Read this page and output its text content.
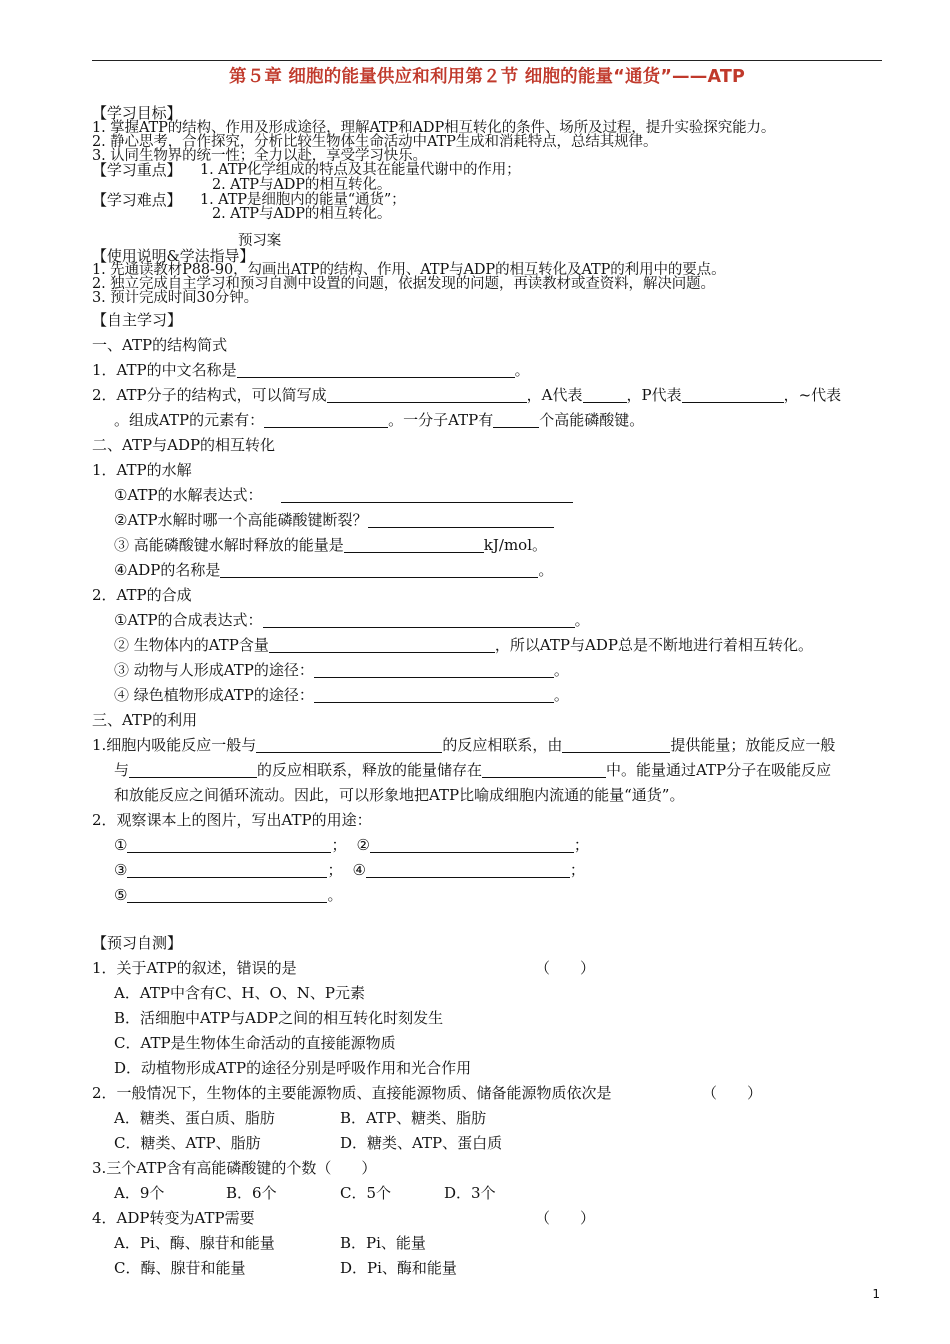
第５章 细胞的能量供应和利用第２节 细胞的能量“通货”——ATP
【学习目标】
1. 掌握ATP的结构、作用及形成途径，理解ATP和ADP相互转化的条件、场所及过程，提升实验探究能力。
2. 静心思考，合作探究，分析比较生物体生命活动中ATP生成和消耗特点，总结其规律。
3. 认同生物界的统一性；全力以赴，享受学习快乐。
【学习重点】 1. ATP化学组成的特点及其在能量代谢中的作用；
2. ATP与ADP的相互转化。
【学习难点】 1. ATP是细胞内的能量“通货”；
2. ATP与ADP的相互转化。
预习案
【使用说明&学法指导】
1. 先通读教材P88-90，勾画出ATP的结构、作用、ATP与ADP的相互转化及ATP的利用中的要点。
2. 独立完成自主学习和预习自测中设置的问题，依据发现的问题，再读教材或查资料，解决问题。
3. 预计完成时间30分钟。
【自主学习】
一、ATP的结构简式
1．ATP的中文名称是	。
2．ATP分子的结构式，可以简写成	，A代表	，P代表	，~代表
。组成ATP的元素有：	。一分子ATP有	个高能磷酸键。
二、ATP与ADP的相互转化
1．ATP的水解
①ATP的水解表达式：
②ATP水解时哪一个高能磷酸键断裂？
③ 高能磷酸键水解时释放的能量是	kJ/mol。
④ADP的名称是	。
2．ATP的合成
①ATP的合成表达式：	。
② 生物体内的ATP含量	，所以ATP与ADP总是不断地进行着相互转化。
③ 动物与人形成ATP的途径：	。
④ 绿色植物形成ATP的途径：	。
三、ATP的利用
1.细胞内吸能反应一般与	的反应相联系，由	提供能量；放能反应一般
与	的反应相联系，释放的能量储存在	中。能量通过ATP分子在吸能反应
和放能反应之间循环流动。因此，可以形象地把ATP比喻成细胞内流通的能量“通货”。
2．观察课本上的图片，写出ATP的用途：
①	； ②	；
③	； ④	；
⑤	。
【预习自测】
1．关于ATP的叙述，错误的是	（　　）
A．ATP中含有C、H、O、N、P元素
B．活细胞中ATP与ADP之间的相互转化时刻发生
C．ATP是生物体生命活动的直接能源物质
D．动植物形成ATP的途径分别是呼吸作用和光合作用
2．一般情况下，生物体的主要能源物质、直接能源物质、储备能源物质依次是	（　　）
A．糖类、蛋白质、脂肪	B．ATP、糖类、脂肪
C．糖类、ATP、脂肪	D．糖类、ATP、蛋白质
3.三个ATP含有高能磷酸键的个数（　　）
A．9个	B．6个	C．5个	D．3个
4．ADP转变为ATP需要	（　　）
A．Pi、酶、腺苷和能量	B．Pi、能量
C．酶、腺苷和能量	D．Pi、酶和能量
1
